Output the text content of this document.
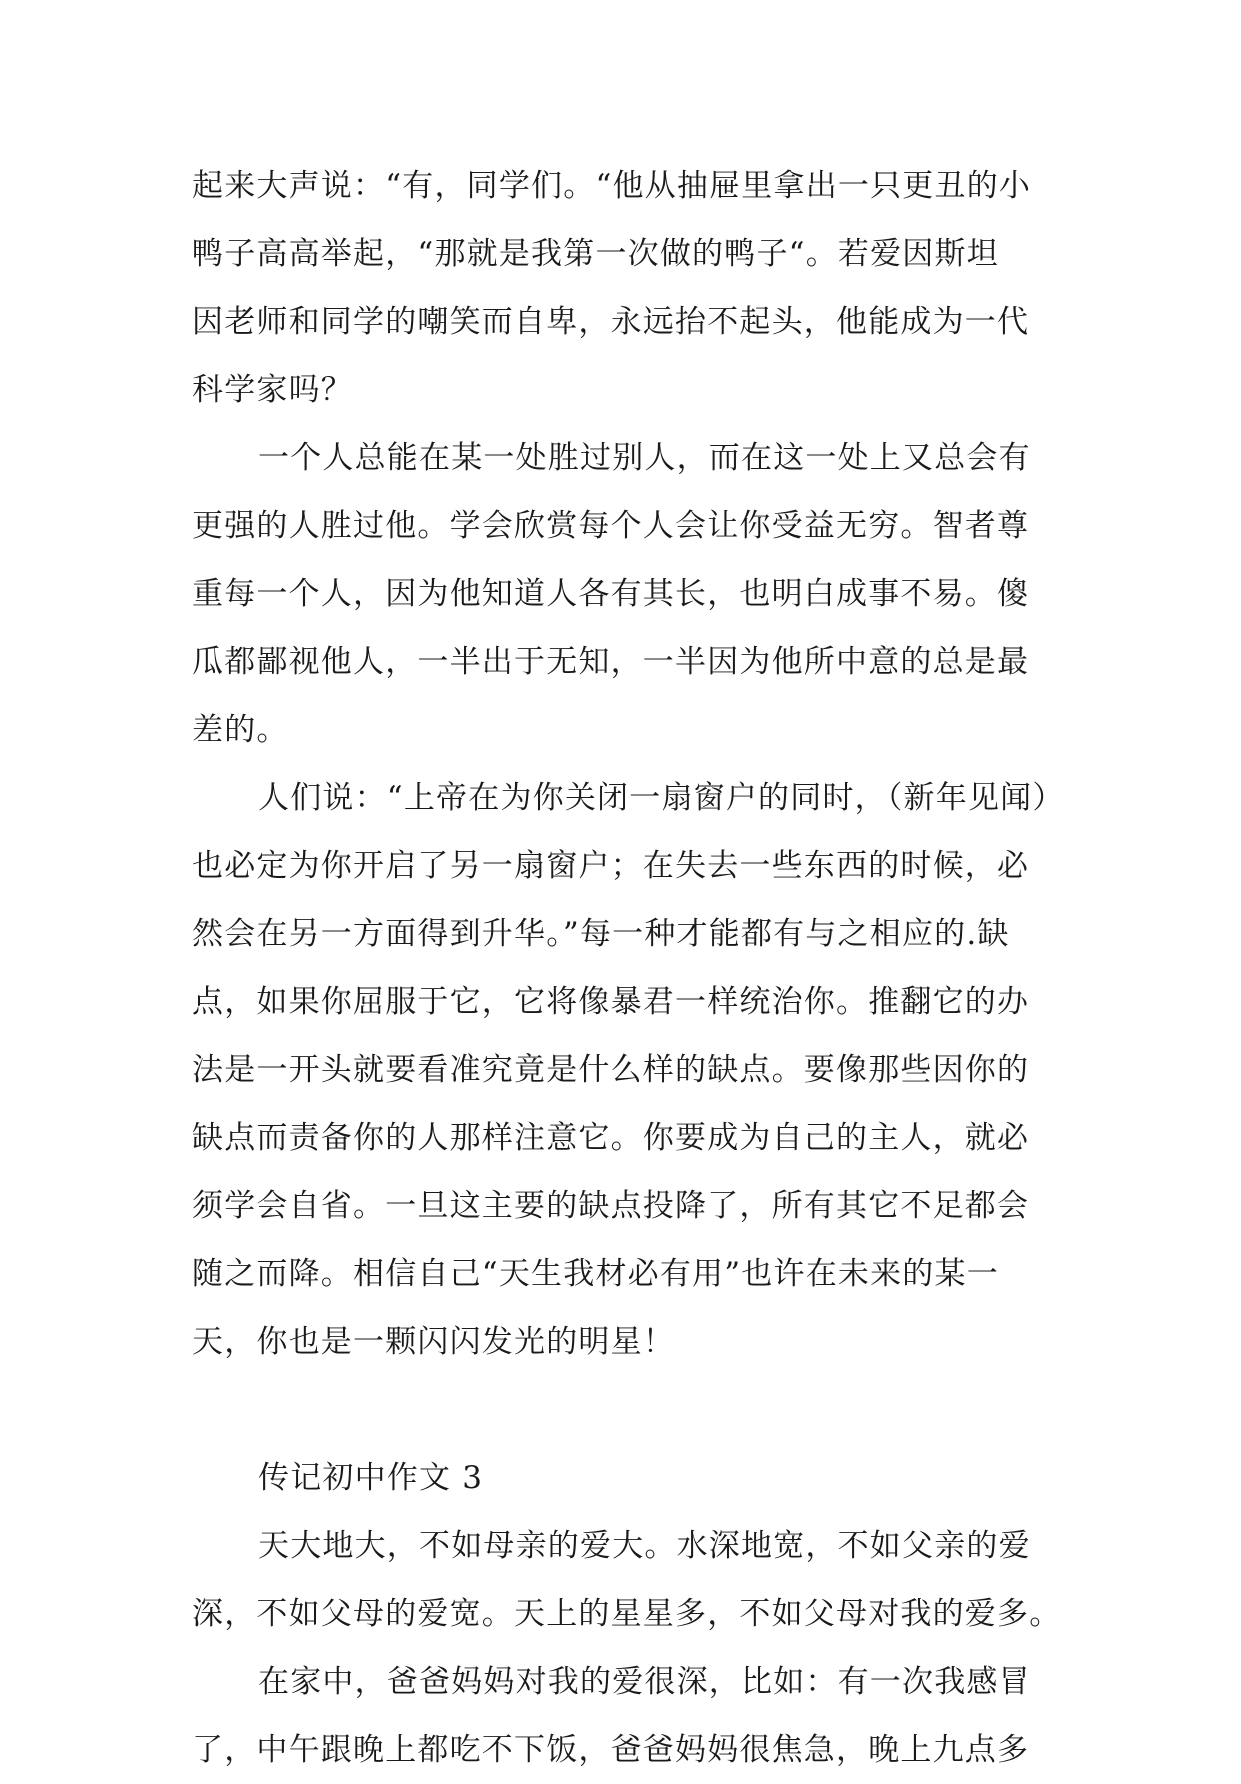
起来大声说：“有，同学们。“他从抽屉里拿出一只更丑的小
鸭子高高举起，“那就是我第一次做的鸭子“。若爱因斯坦
因老师和同学的嘲笑而自卑，永远抬不起头，他能成为一代
科学家吗？
一个人总能在某一处胜过别人，而在这一处上又总会有
更强的人胜过他。学会欣赏每个人会让你受益无穷。智者尊
重每一个人，因为他知道人各有其长，也明白成事不易。傻
瓜都鄙视他人，一半出于无知，一半因为他所中意的总是最
差的。
人们说：“上帝在为你关闭一扇窗户的同时，（新年见闻）
也必定为你开启了另一扇窗户；在失去一些东西的时候，必
然会在另一方面得到升华。”每一种才能都有与之相应的.缺
点，如果你屈服于它，它将像暴君一样统治你。推翻它的办
法是一开头就要看准究竟是什么样的缺点。要像那些因你的
缺点而责备你的人那样注意它。你要成为自己的主人，就必
须学会自省。一旦这主要的缺点投降了，所有其它不足都会
随之而降。相信自己“天生我材必有用”也许在未来的某一
天，你也是一颗闪闪发光的明星！
传记初中作文 3
天大地大，不如母亲的爱大。水深地宽，不如父亲的爱
深，不如父母的爱宽。天上的星星多，不如父母对我的爱多。
在家中，爸爸妈妈对我的爱很深，比如：有一次我感冒
了，中午跟晚上都吃不下饭，爸爸妈妈很焦急，晚上九点多
